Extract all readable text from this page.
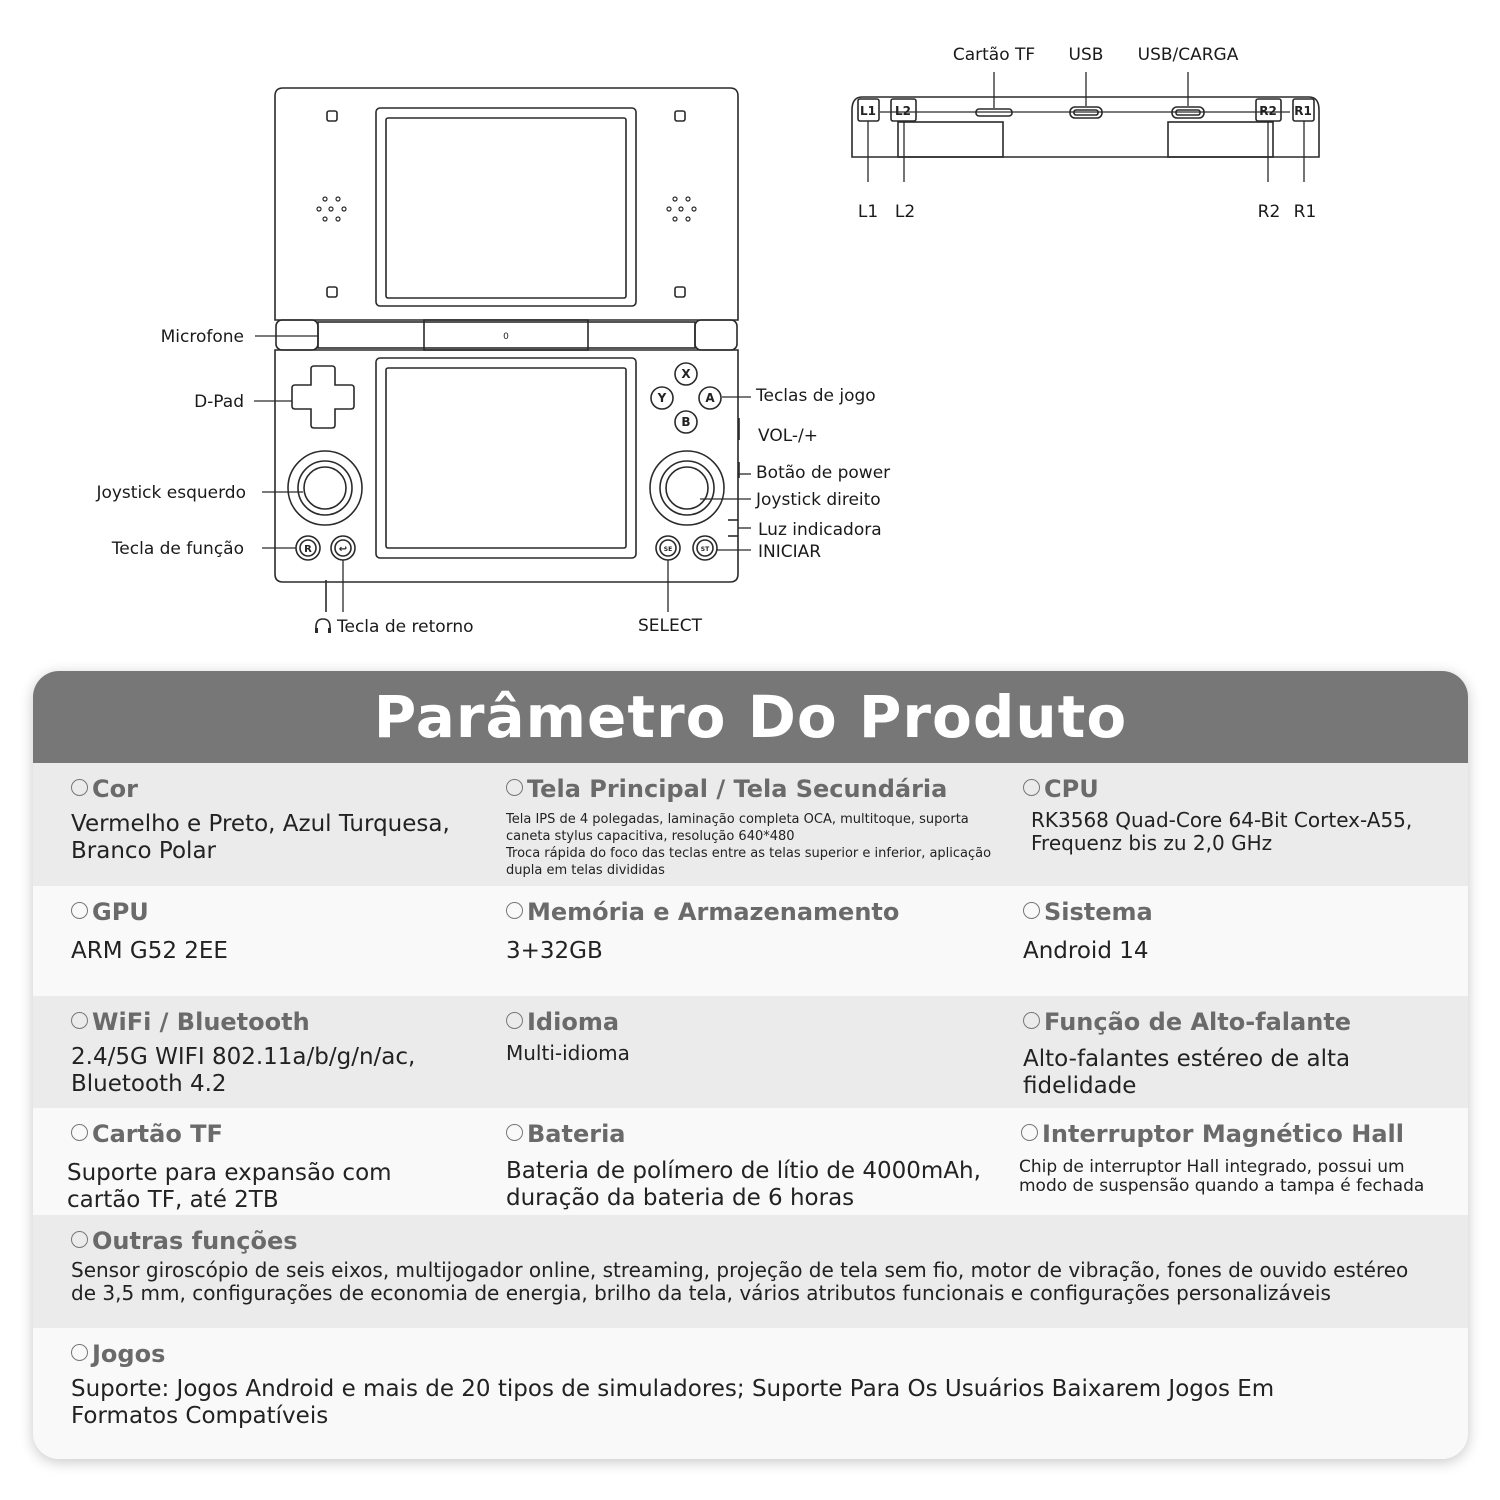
0
X
Y	A
B
R	↩	SE	ST
Microfone
D-Pad
Joystick esquerdo
Tecla de função
Teclas de jogo
VOL-/+
Botão de power
Joystick direito
Luz indicadora
INICIAR
Tecla de retorno	SELECT
L1 L2	R2 R1
Cartão TF USB USB/CARGA
L1 L2	R2 R1
Parâmetro Do Produto
Cor
Vermelho e Preto, Azul Turquesa, Branco Polar
Tela Principal / Tela Secundária
Tela IPS de 4 polegadas, laminação completa OCA, multitoque, suporta caneta stylus capacitiva, resolução 640*480
Troca rápida do foco das teclas entre as telas superior e inferior, aplicação dupla em telas divididas
CPU
RK3568 Quad-Core 64-Bit Cortex-A55, Frequenz bis zu 2,0 GHz
GPU
ARM G52 2EE
Memória e Armazenamento
3+32GB
Sistema
Android 14
WiFi / Bluetooth
2.4/5G WIFI 802.11a/b/g/n/ac, Bluetooth 4.2
Idioma
Multi-idioma
Função de Alto-falante
Alto-falantes estéreo de alta fidelidade
Cartão TF
Suporte para expansão com cartão TF, até 2TB
Bateria
Bateria de polímero de lítio de 4000mAh, duração da bateria de 6 horas
Interruptor Magnético Hall
Chip de interruptor Hall integrado, possui um modo de suspensão quando a tampa é fechada
Outras funções
Sensor giroscópio de seis eixos, multijogador online, streaming, projeção de tela sem fio, motor de vibração, fones de ouvido estéreo de 3,5 mm, configurações de economia de energia, brilho da tela, vários atributos funcionais e configurações personalizáveis
Jogos
Suporte: Jogos Android e mais de 20 tipos de simuladores; Suporte Para Os Usuários Baixarem Jogos Em Formatos Compatíveis
